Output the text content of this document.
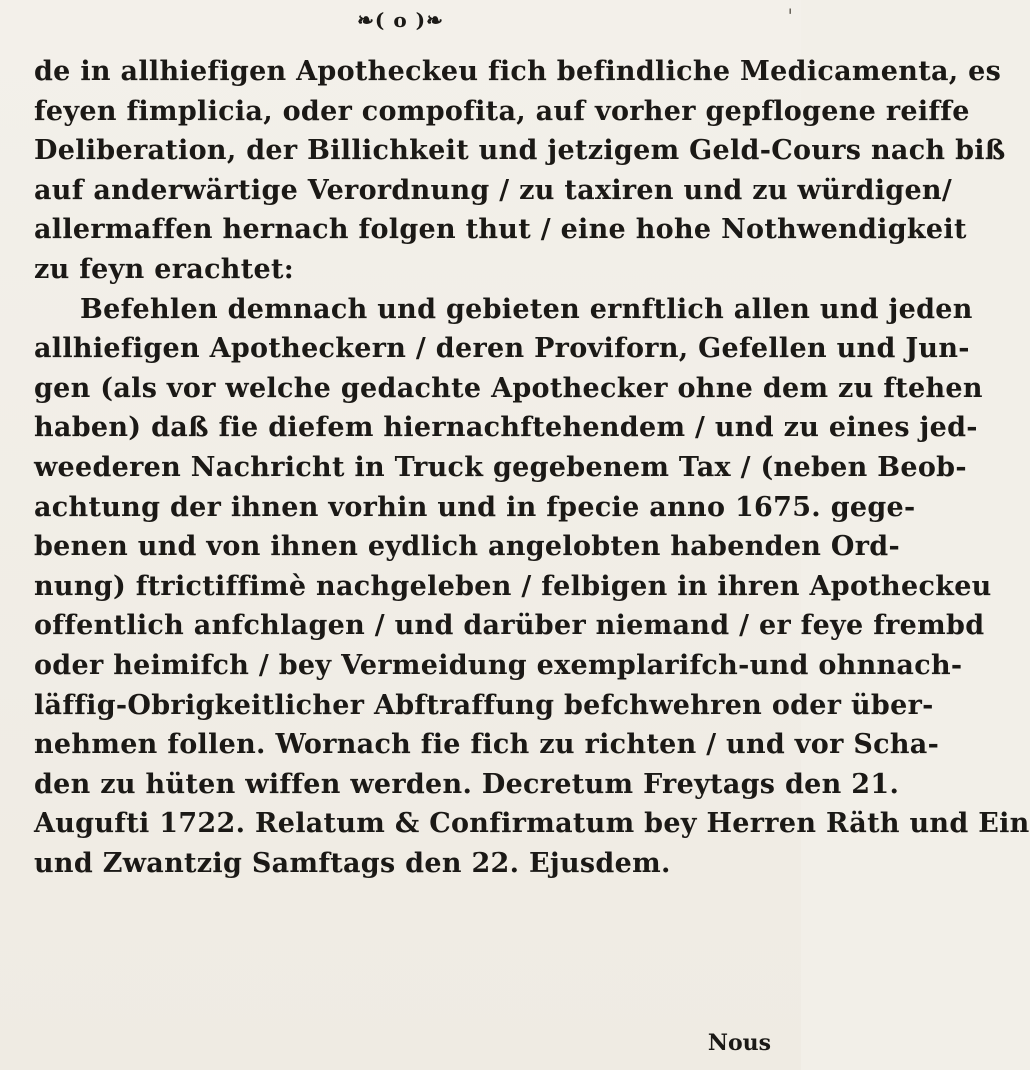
❧( o )❧	'
de in allhiefigen Apotheckeu fich befindliche Medicamenta, es
feyen fimplicia, oder compofita, auf vorher gepflogene reiffe
Deliberation, der Billichkeit und jetzigem Geld-Cours nach biß
auf anderwärtige Verordnung / zu taxiren und zu würdigen/
allermaffen hernach folgen thut / eine hohe Nothwendigkeit
zu feyn erachtet:
Befehlen demnach und gebieten ernftlich allen und jeden
allhiefigen Apotheckern / deren Proviforn, Gefellen und Jun-
gen (als vor welche gedachte Apothecker ohne dem zu ftehen
haben) daß fie diefem hiernachftehendem / und zu eines jed-
weederen Nachricht in Truck gegebenem Tax / (neben Beob-
achtung der ihnen vorhin und in fpecie anno 1675. gege-
benen und von ihnen eydlich angelobten habenden Ord-
nung) ftrictiffimè nachgeleben / felbigen in ihren Apotheckeu
offentlich anfchlagen / und darüber niemand / er feye frembd
oder heimifch / bey Vermeidung exemplarifch-und ohnnach-
läffig-Obrigkeitlicher Abftraffung befchwehren oder über-
nehmen follen. Wornach fie fich zu richten / und vor Scha-
den zu hüten wiffen werden. Decretum Freytags den 21.
Augufti 1722. Relatum & Confirmatum bey Herren Räth und Ein
und Zwantzig Samftags den 22. Ejusdem.
Nous
